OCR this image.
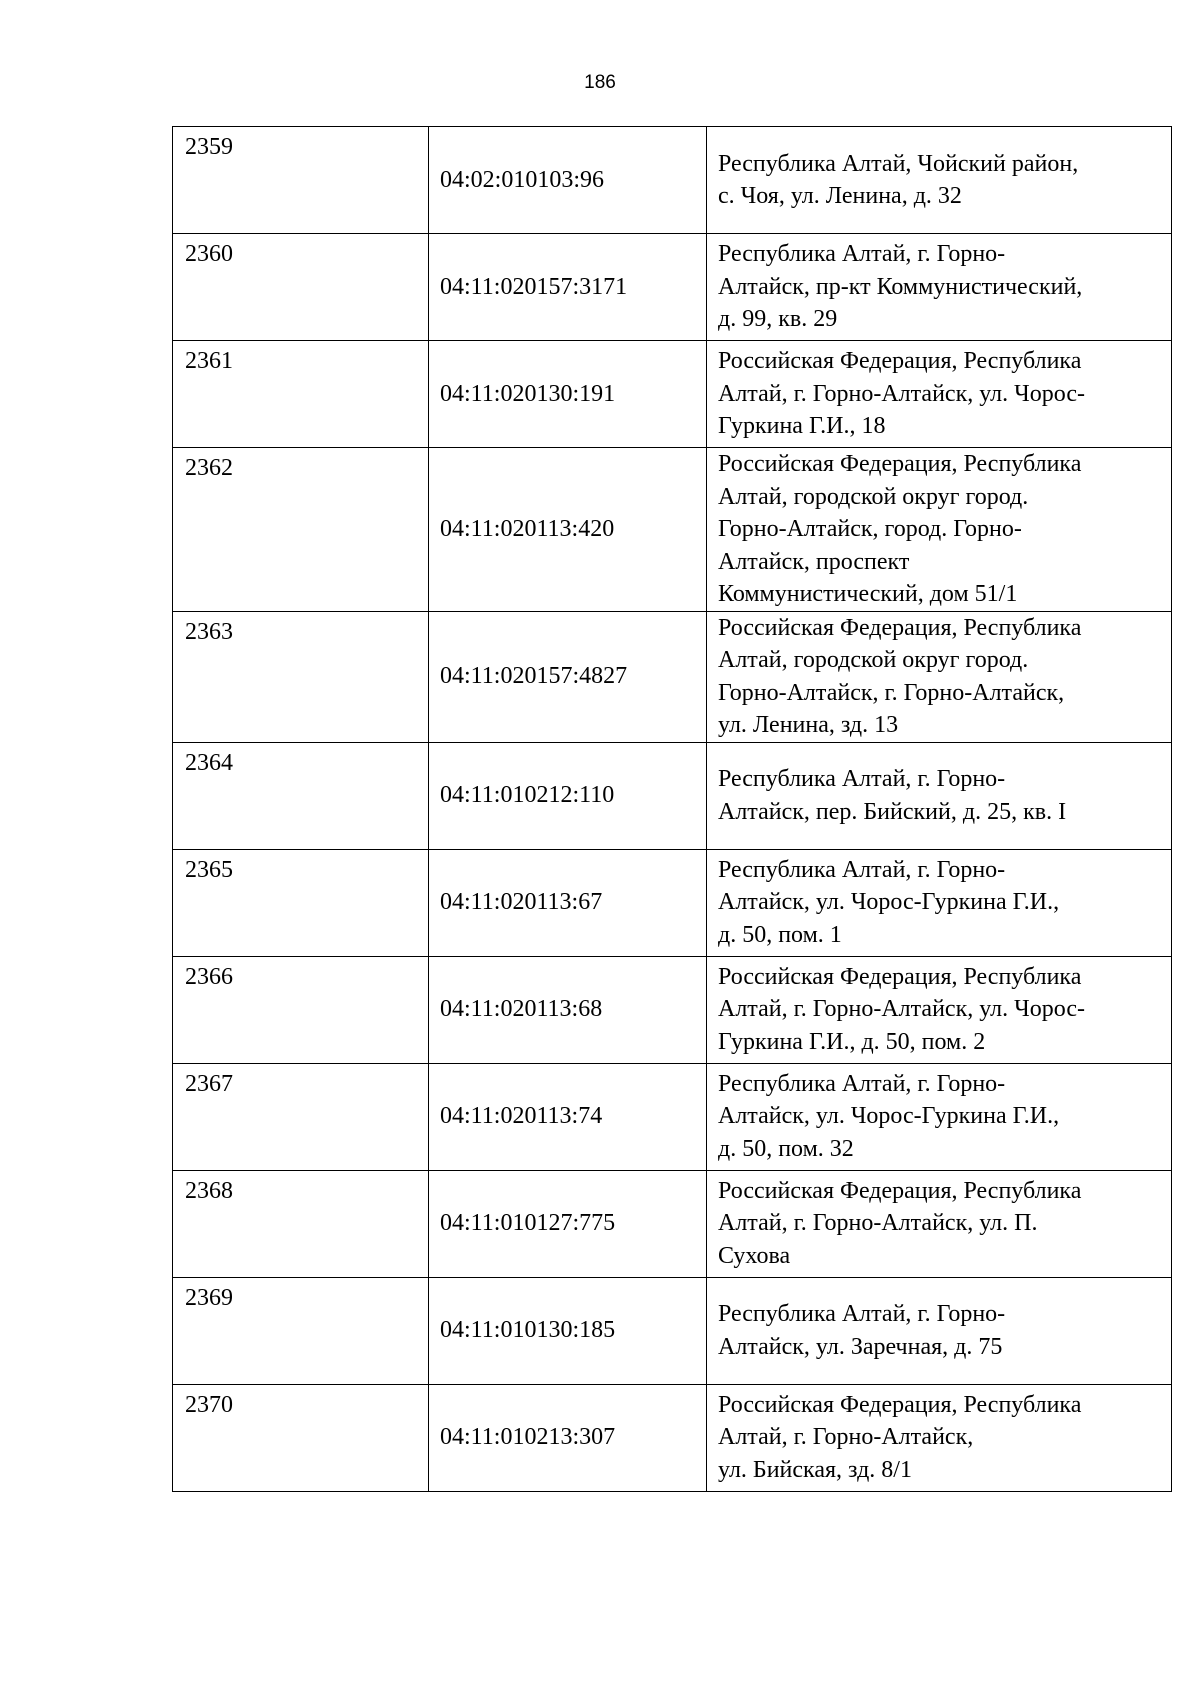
186
2359	04:02:010103:96	Республика Алтай, Чойский район,
с. Чоя, ул. Ленина, д. 32

2360	04:11:020157:3171	Республика Алтай, г. Горно-
Алтайск, пр-кт Коммунистический,
д. 99, кв. 29

2361	04:11:020130:191	Российская Федерация, Республика
Алтай, г. Горно-Алтайск, ул. Чорос-
Гуркина Г.И., 18

2362	04:11:020113:420	Российская Федерация, Республика
Алтай, городской округ город.
Горно-Алтайск, город. Горно-
Алтайск, проспект
Коммунистический, дом 51/1

2363	04:11:020157:4827	Российская Федерация, Республика
Алтай, городской округ город.
Горно-Алтайск, г. Горно-Алтайск,
ул. Ленина, зд. 13

2364	04:11:010212:110	Республика Алтай, г. Горно-
Алтайск, пер. Бийский, д. 25, кв. I

2365	04:11:020113:67	Республика Алтай, г. Горно-
Алтайск, ул. Чорос-Гуркина Г.И.,
д. 50, пом. 1

2366	04:11:020113:68	Российская Федерация, Республика
Алтай, г. Горно-Алтайск, ул. Чорос-
Гуркина Г.И., д. 50, пом. 2

2367	04:11:020113:74	Республика Алтай, г. Горно-
Алтайск, ул. Чорос-Гуркина Г.И.,
д. 50, пом. 32

2368	04:11:010127:775	Российская Федерация, Республика
Алтай, г. Горно-Алтайск, ул. П.
Сухова

2369	04:11:010130:185	Республика Алтай, г. Горно-
Алтайск, ул. Заречная, д. 75

2370	04:11:010213:307	Российская Федерация, Республика
Алтай, г. Горно-Алтайск,
ул. Бийская, зд. 8/1
